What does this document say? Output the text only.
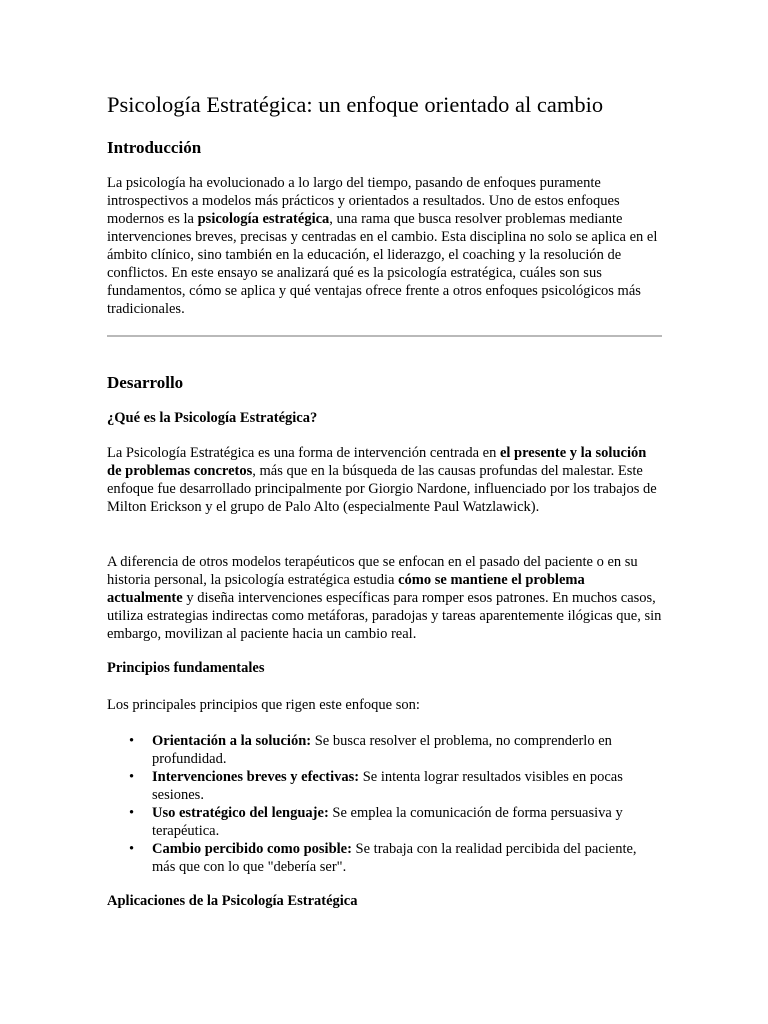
Psicología Estratégica: un enfoque orientado al cambio
Introducción

La psicología ha evolucionado a lo largo del tiempo, pasando de enfoques puramente introspectivos a modelos más prácticos y orientados a resultados. Uno de estos enfoques modernos es la psicología estratégica, una rama que busca resolver problemas mediante intervenciones breves, precisas y centradas en el cambio. Esta disciplina no solo se aplica en el ámbito clínico, sino también en la educación, el liderazgo, el coaching y la resolución de conflictos. En este ensayo se analizará qué es la psicología estratégica, cuáles son sus fundamentos, cómo se aplica y qué ventajas ofrece frente a otros enfoques psicológicos más tradicionales.

Desarrollo
¿Qué es la Psicología Estratégica?

La Psicología Estratégica es una forma de intervención centrada en el presente y la solución de problemas concretos, más que en la búsqueda de las causas profundas del malestar. Este enfoque fue desarrollado principalmente por Giorgio Nardone, influenciado por los trabajos de Milton Erickson y el grupo de Palo Alto (especialmente Paul Watzlawick).

A diferencia de otros modelos terapéuticos que se enfocan en el pasado del paciente o en su historia personal, la psicología estratégica estudia cómo se mantiene el problema actualmente y diseña intervenciones específicas para romper esos patrones. En muchos casos, utiliza estrategias indirectas como metáforas, paradojas y tareas aparentemente ilógicas que, sin embargo, movilizan al paciente hacia un cambio real.

Principios fundamentales

Los principales principios que rigen este enfoque son:

• Orientación a la solución: Se busca resolver el problema, no comprenderlo en profundidad.
• Intervenciones breves y efectivas: Se intenta lograr resultados visibles en pocas sesiones.
• Uso estratégico del lenguaje: Se emplea la comunicación de forma persuasiva y terapéutica.
• Cambio percibido como posible: Se trabaja con la realidad percibida del paciente, más que con lo que "debería ser".
Aplicaciones de la Psicología Estratégica
